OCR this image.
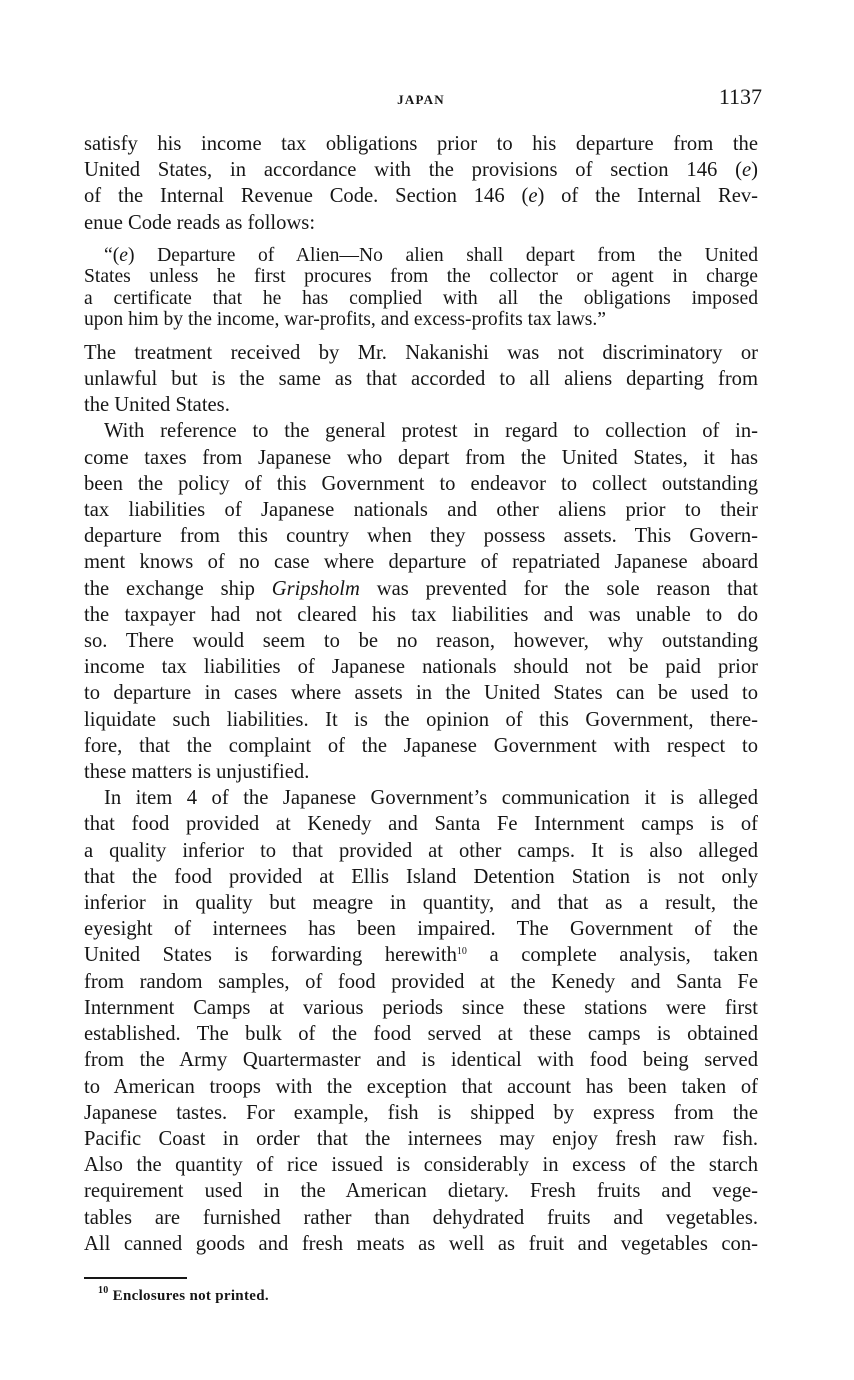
JAPAN	1137
satisfy his income tax obligations prior to his departure from the
United States, in accordance with the provisions of section 146 (e)
of the Internal Revenue Code. Section 146 (e) of the Internal Rev-
enue Code reads as follows:
“(e) Departure of Alien—No alien shall depart from the United
States unless he first procures from the collector or agent in charge
a certificate that he has complied with all the obligations imposed
upon him by the income, war-profits, and excess-profits tax laws.”
The treatment received by Mr. Nakanishi was not discriminatory or
unlawful but is the same as that accorded to all aliens departing from
the United States.
With reference to the general protest in regard to collection of in-
come taxes from Japanese who depart from the United States, it has
been the policy of this Government to endeavor to collect outstanding
tax liabilities of Japanese nationals and other aliens prior to their
departure from this country when they possess assets. This Govern-
ment knows of no case where departure of repatriated Japanese aboard
the exchange ship Gripsholm was prevented for the sole reason that
the taxpayer had not cleared his tax liabilities and was unable to do
so. There would seem to be no reason, however, why outstanding
income tax liabilities of Japanese nationals should not be paid prior
to departure in cases where assets in the United States can be used to
liquidate such liabilities. It is the opinion of this Government, there-
fore, that the complaint of the Japanese Government with respect to
these matters is unjustified.
In item 4 of the Japanese Government’s communication it is alleged
that food provided at Kenedy and Santa Fe Internment camps is of
a quality inferior to that provided at other camps. It is also alleged
that the food provided at Ellis Island Detention Station is not only
inferior in quality but meagre in quantity, and that as a result, the
eyesight of internees has been impaired. The Government of the
United States is forwarding herewith$^{10}$ a complete analysis, taken
from random samples, of food provided at the Kenedy and Santa Fe
Internment Camps at various periods since these stations were first
established. The bulk of the food served at these camps is obtained
from the Army Quartermaster and is identical with food being served
to American troops with the exception that account has been taken of
Japanese tastes. For example, fish is shipped by express from the
Pacific Coast in order that the internees may enjoy fresh raw fish.
Also the quantity of rice issued is considerably in excess of the starch
requirement used in the American dietary. Fresh fruits and vege-
tables are furnished rather than dehydrated fruits and vegetables.
All canned goods and fresh meats as well as fruit and vegetables con-
$^{10}$ Enclosures not printed.
